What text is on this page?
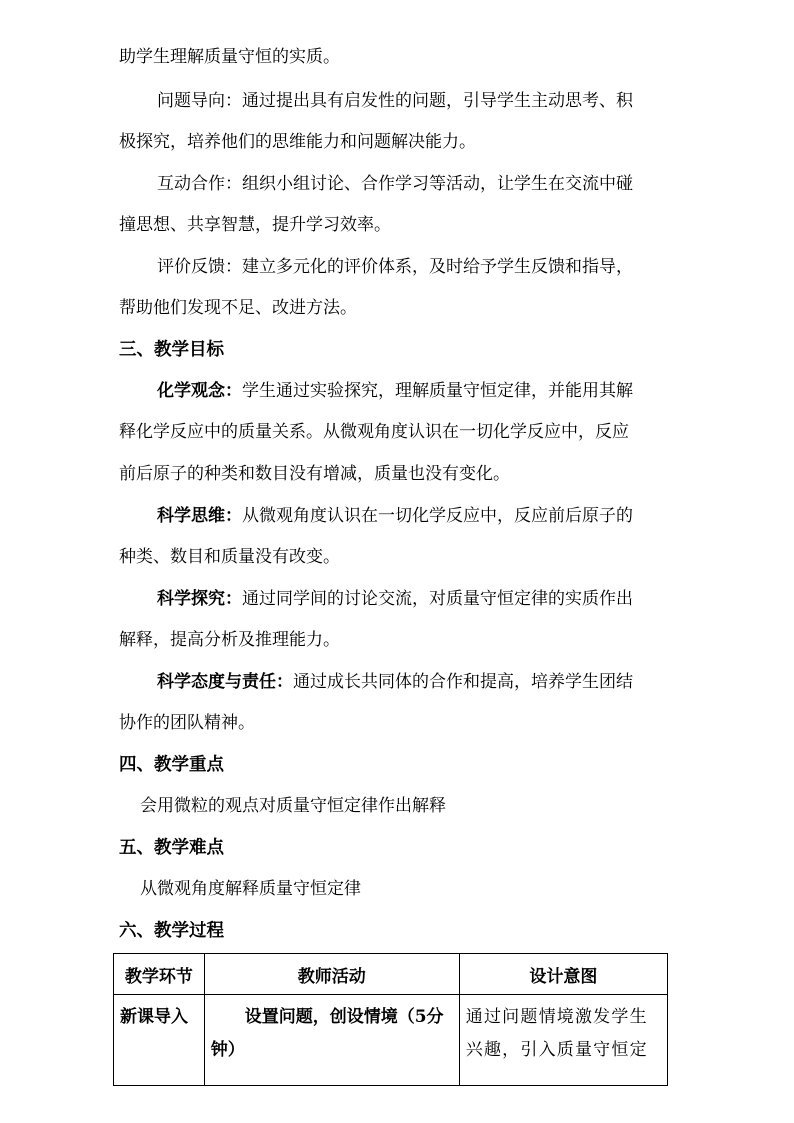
助学生理解质量守恒的实质。
问题导向：通过提出具有启发性的问题，引导学生主动思考、积
极探究，培养他们的思维能力和问题解决能力。
互动合作：组织小组讨论、合作学习等活动，让学生在交流中碰
撞思想、共享智慧，提升学习效率。
评价反馈：建立多元化的评价体系，及时给予学生反馈和指导，
帮助他们发现不足、改进方法。
三、教学目标
化学观念：学生通过实验探究，理解质量守恒定律，并能用其解
释化学反应中的质量关系。从微观角度认识在一切化学反应中，反应
前后原子的种类和数目没有增减，质量也没有变化。
科学思维：从微观角度认识在一切化学反应中，反应前后原子的
种类、数目和质量没有改变。
科学探究：通过同学间的讨论交流，对质量守恒定律的实质作出
解释，提高分析及推理能力。
科学态度与责任：通过成长共同体的合作和提高，培养学生团结
协作的团队精神。
四、教学重点
会用微粒的观点对质量守恒定律作出解释
五、教学难点
从微观角度解释质量守恒定律
六、教学过程
教学环节	教师活动	设计意图
新课导入	设置问题，创设情境（5分钟）	通过问题情境激发学生兴趣，引入质量守恒定
